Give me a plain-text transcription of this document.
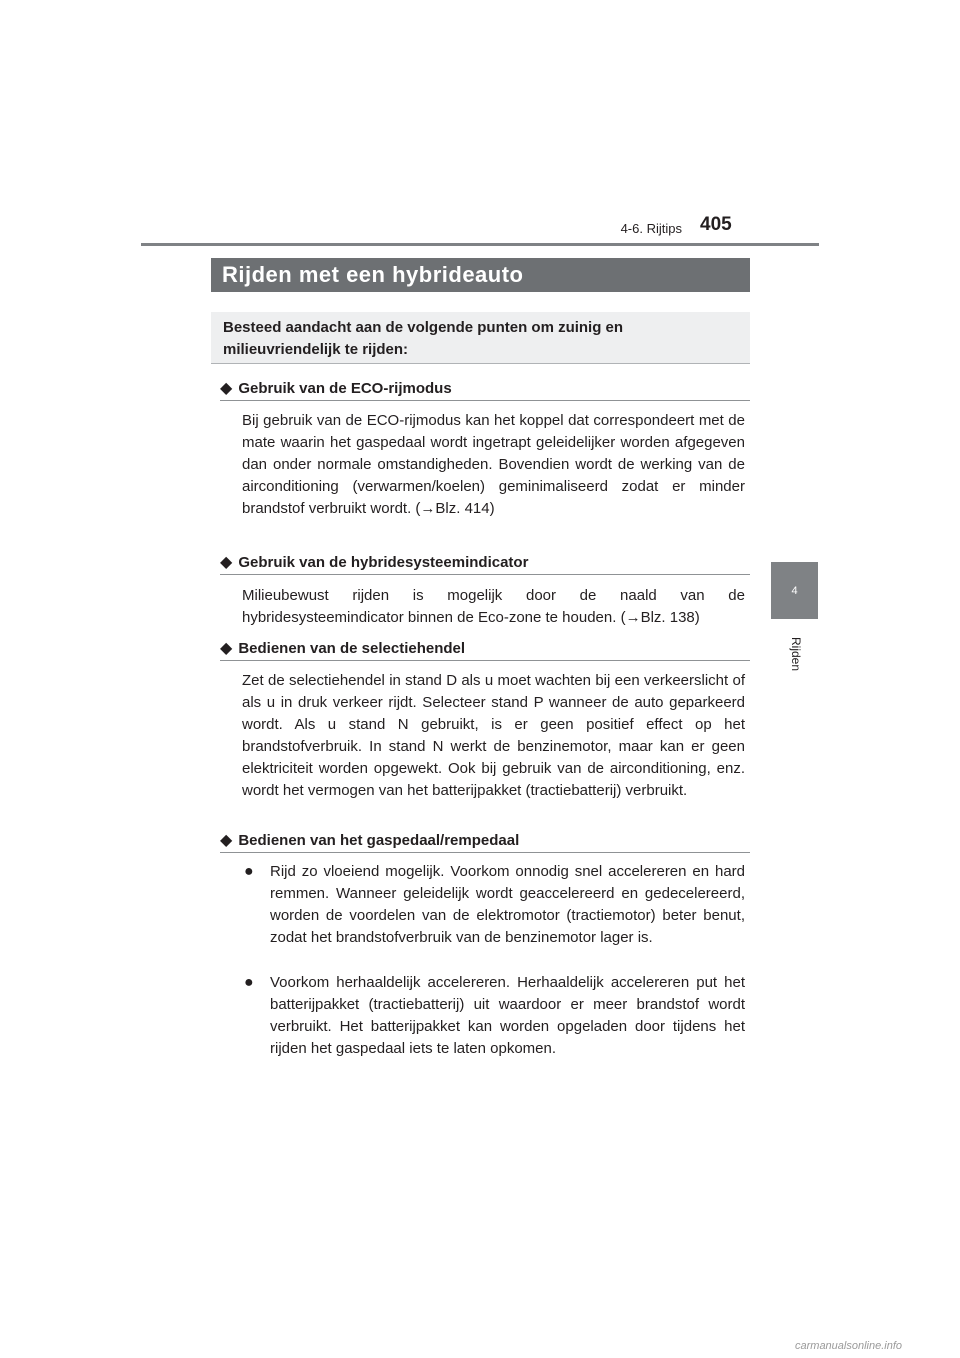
4-6. Rijtips 405
4
Rijden
Rijden met een hybrideauto
Besteed aandacht aan de volgende punten om zuinig en milieuvriendelijk te rijden:
◆ Gebruik van de ECO-rijmodus

Bij gebruik van de ECO-rijmodus kan het koppel dat correspondeert met de mate waarin het gaspedaal wordt ingetrapt geleidelijker worden afgegeven dan onder normale omstandigheden. Bovendien wordt de werking van de airconditioning (verwarmen/koelen) geminimaliseerd zodat er minder brandstof verbruikt wordt. (→Blz. 414)

◆ Gebruik van de hybridesysteemindicator

Milieubewust rijden is mogelijk door de naald van de hybridesysteemindicator binnen de Eco-zone te houden. (→Blz. 138)

◆ Bedienen van de selectiehendel

Zet de selectiehendel in stand D als u moet wachten bij een verkeerslicht of als u in druk verkeer rijdt. Selecteer stand P wanneer de auto geparkeerd wordt. Als u stand N gebruikt, is er geen positief effect op het brandstofverbruik. In stand N werkt de benzinemotor, maar kan er geen elektriciteit worden opgewekt. Ook bij gebruik van de airconditioning, enz. wordt het vermogen van het batterijpakket (tractiebatterij) verbruikt.

◆ Bedienen van het gaspedaal/rempedaal
● Rijd zo vloeiend mogelijk. Voorkom onnodig snel accelereren en hard remmen. Wanneer geleidelijk wordt geaccelereerd en gedecelereerd, worden de voordelen van de elektromotor (tractiemotor) beter benut, zodat het brandstofverbruik van de benzinemotor lager is.
● Voorkom herhaaldelijk accelereren. Herhaaldelijk accelereren put het batterijpakket (tractiebatterij) uit waardoor er meer brandstof wordt verbruikt. Het batterijpakket kan worden opgeladen door tijdens het rijden het gaspedaal iets te laten opkomen.
carmanualsonline.info
